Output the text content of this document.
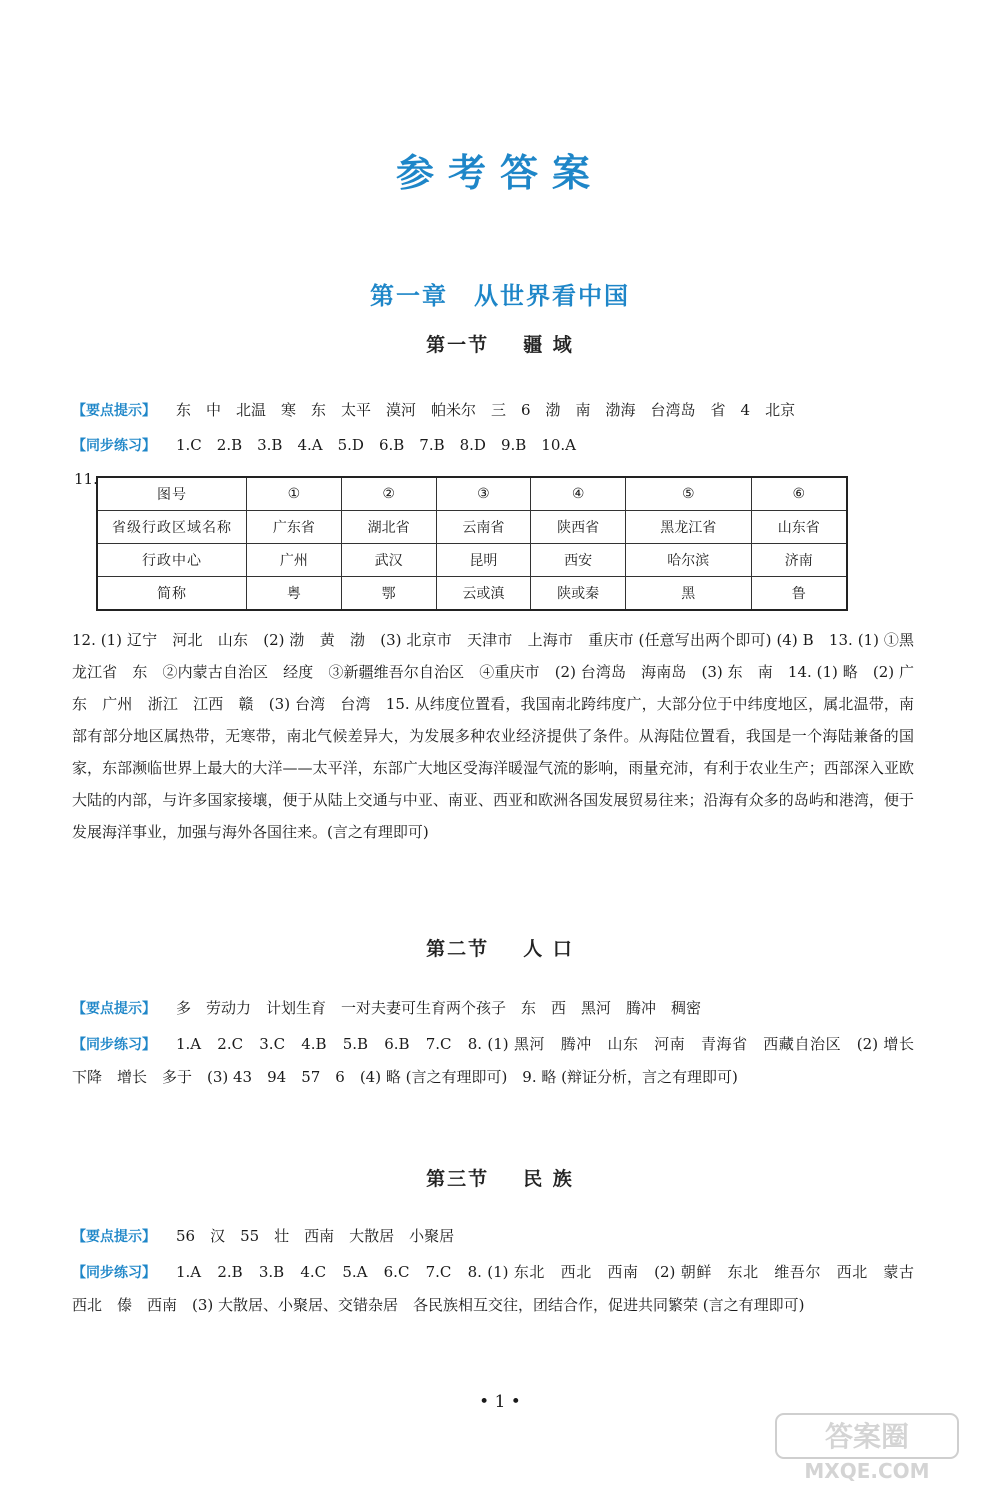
参考答案
第一章 从世界看中国
第一节 疆 域
【要点提示】 东　中　北温　寒　东　太平　漠河　帕米尔　三　6　渤　南　渤海　台湾岛　省　4　北京
【同步练习】 1.C　2.B　3.B　4.A　5.D　6.B　7.B　8.D　9.B　10.A
11.
图号	①	②	③	④	⑤	⑥
省级行政区域名称	广东省	湖北省	云南省	陕西省	黑龙江省	山东省
行政中心	广州	武汉	昆明	西安	哈尔滨	济南
简称	粤	鄂	云或滇	陕或秦	黑	鲁
12. (1) 辽宁　河北　山东　(2) 渤　黄　渤　(3) 北京市　天津市　上海市　重庆市 (任意写出两个即可) (4) B　13. (1) ①黑龙江省　东　②内蒙古自治区　经度　③新疆维吾尔自治区　④重庆市　(2) 台湾岛　海南岛　(3) 东　南　14. (1) 略　(2) 广东　广州　浙江　江西　赣　(3) 台湾　台湾　15. 从纬度位置看，我国南北跨纬度广，大部分位于中纬度地区，属北温带，南部有部分地区属热带，无寒带，南北气候差异大，为发展多种农业经济提供了条件。从海陆位置看，我国是一个海陆兼备的国家，东部濒临世界上最大的大洋——太平洋，东部广大地区受海洋暖湿气流的影响，雨量充沛，有利于农业生产；西部深入亚欧大陆的内部，与许多国家接壤，便于从陆上交通与中亚、南亚、西亚和欧洲各国发展贸易往来；沿海有众多的岛屿和港湾，便于发展海洋事业，加强与海外各国往来。(言之有理即可)
第二节 人 口
【要点提示】 多　劳动力　计划生育　一对夫妻可生育两个孩子　东　西　黑河　腾冲　稠密
【同步练习】 1.A　2.C　3.C　4.B　5.B　6.B　7.C　8. (1) 黑河　腾冲　山东　河南　青海省　西藏自治区　(2) 增长　下降　增长　多于　(3) 43　94　57　6　(4) 略 (言之有理即可)　9. 略 (辩证分析，言之有理即可)
第三节 民 族
【要点提示】 56　汉　55　壮　西南　大散居　小聚居
【同步练习】 1.A　2.B　3.B　4.C　5.A　6.C　7.C　8. (1) 东北　西北　西南　(2) 朝鲜　东北　维吾尔　西北　蒙古　西北　傣　西南　(3) 大散居、小聚居、交错杂居　各民族相互交往，团结合作，促进共同繁荣 (言之有理即可)
• 1 •
答案圈
MXQE.COM
